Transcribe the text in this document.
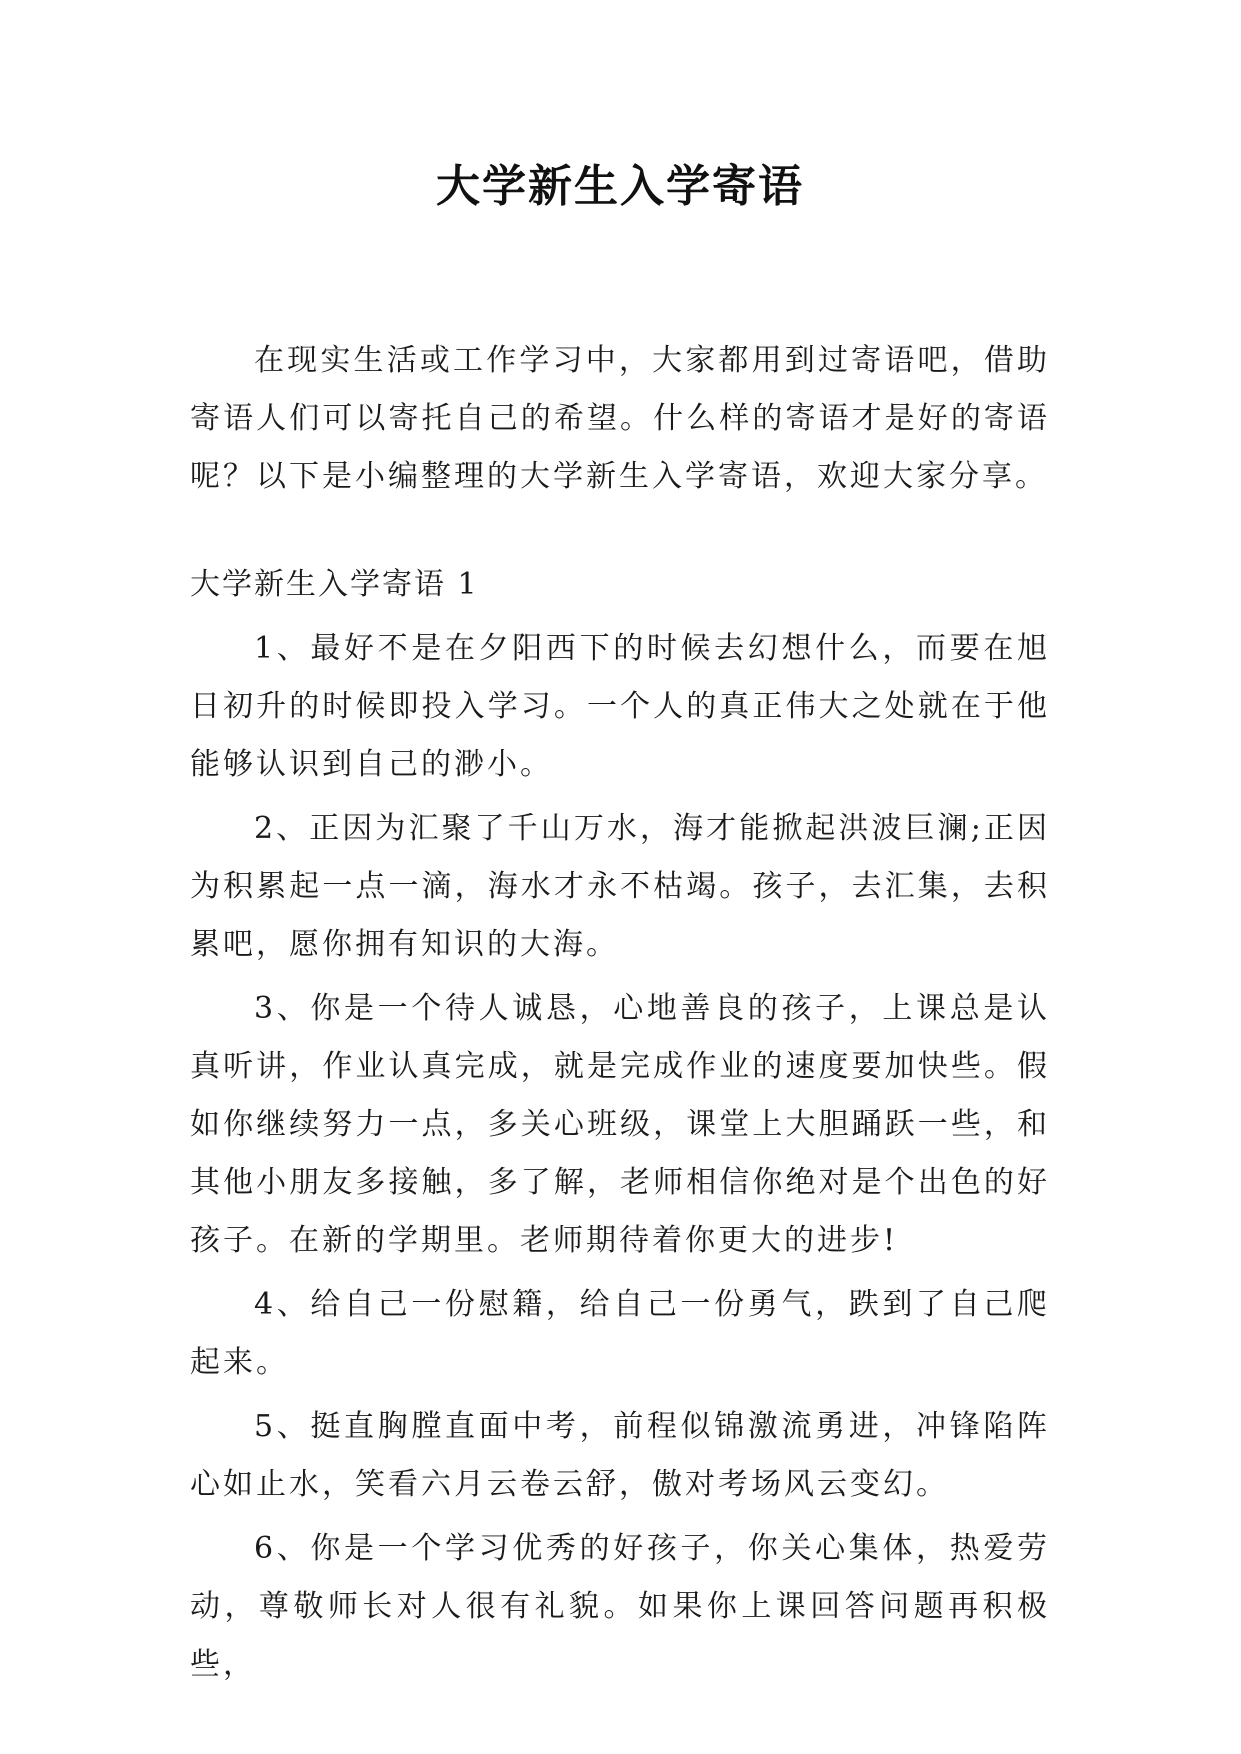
大学新生入学寄语

在现实生活或工作学习中，大家都用到过寄语吧，借助寄语人们可以寄托自己的希望。什么样的寄语才是好的寄语呢？以下是小编整理的大学新生入学寄语，欢迎大家分享。

大学新生入学寄语 1

1、最好不是在夕阳西下的时候去幻想什么，而要在旭日初升的时候即投入学习。一个人的真正伟大之处就在于他能够认识到自己的渺小。

2、正因为汇聚了千山万水，海才能掀起洪波巨澜;正因为积累起一点一滴，海水才永不枯竭。孩子，去汇集，去积累吧，愿你拥有知识的大海。

3、你是一个待人诚恳，心地善良的孩子，上课总是认真听讲，作业认真完成，就是完成作业的速度要加快些。假如你继续努力一点，多关心班级，课堂上大胆踊跃一些，和其他小朋友多接触，多了解，老师相信你绝对是个出色的好孩子。在新的学期里。老师期待着你更大的进步!

4、给自己一份慰籍，给自己一份勇气，跌到了自己爬起来。

5、挺直胸膛直面中考，前程似锦激流勇进，冲锋陷阵心如止水，笑看六月云卷云舒，傲对考场风云变幻。

6、你是一个学习优秀的好孩子，你关心集体，热爱劳动，尊敬师长对人很有礼貌。如果你上课回答问题再积极些，
